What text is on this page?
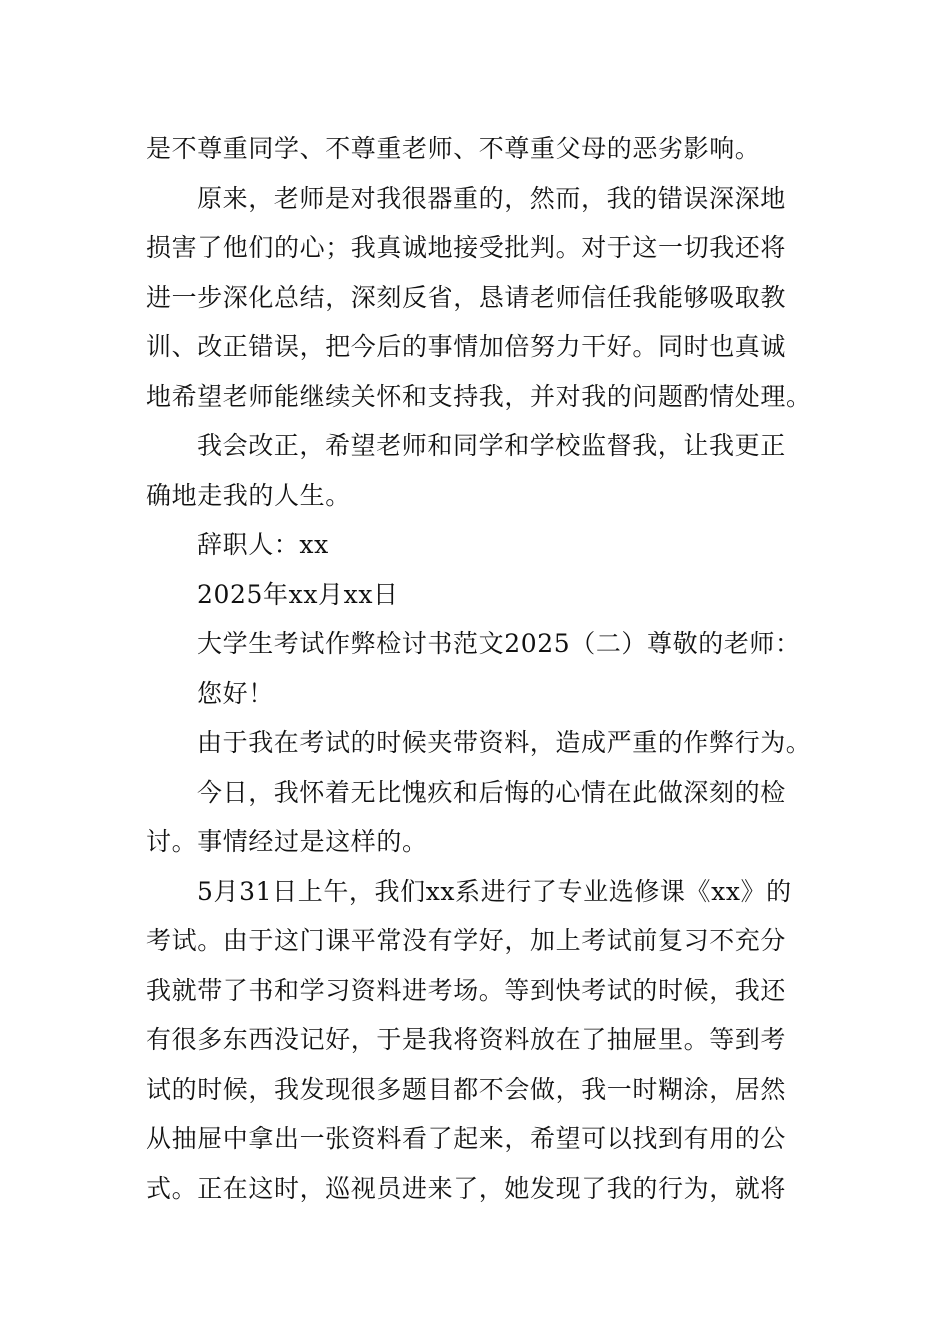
是不尊重同学、不尊重老师、不尊重父母的恶劣影响。
原来，老师是对我很器重的，然而，我的错误深深地
损害了他们的心；我真诚地接受批判。对于这一切我还将
进一步深化总结，深刻反省，恳请老师信任我能够吸取教
训、改正错误，把今后的事情加倍努力干好。同时也真诚
地希望老师能继续关怀和支持我，并对我的问题酌情处理。
我会改正，希望老师和同学和学校监督我，让我更正
确地走我的人生。
辞职人：xx
2025年xx月xx日
大学生考试作弊检讨书范文2025（二）尊敬的老师：
您好！
由于我在考试的时候夹带资料，造成严重的作弊行为。
今日，我怀着无比愧疚和后悔的心情在此做深刻的检
讨。事情经过是这样的。
5月31日上午，我们xx系进行了专业选修课《xx》的
考试。由于这门课平常没有学好，加上考试前复习不充分
我就带了书和学习资料进考场。等到快考试的时候，我还
有很多东西没记好，于是我将资料放在了抽屉里。等到考
试的时候，我发现很多题目都不会做，我一时糊涂，居然
从抽屉中拿出一张资料看了起来，希望可以找到有用的公
式。正在这时，巡视员进来了，她发现了我的行为，就将
